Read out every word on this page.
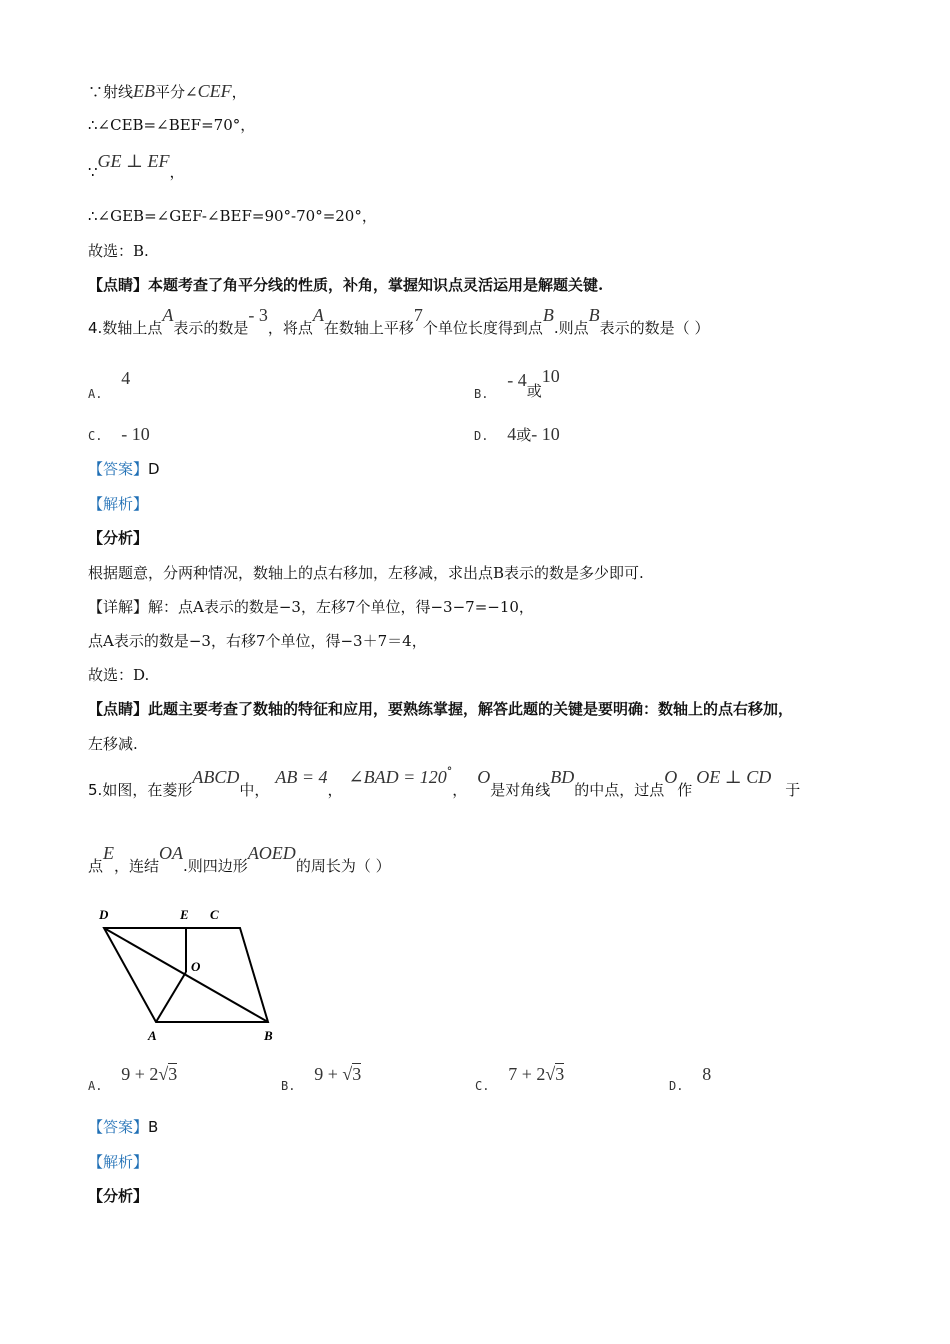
∵射线EB平分∠CEF，
∴∠CEB=∠BEF=70°，
∵GE ⊥ EF，
∴∠GEB=∠GEF-∠BEF=90°-70°=20°，
故选：B.
【点睛】本题考查了角平分线的性质，补角，掌握知识点灵活运用是解题关键.
4.数轴上点A表示的数是- 3，将点A在数轴上平移7个单位长度得到点B.则点B表示的数是（ ）
$_{A.}$ 4
$_{B.}$ - 4或10
C. - 10	D. 4或- 10
【答案】D
【解析】
【分析】
根据题意，分两种情况，数轴上的点右移加，左移减，求出点B表示的数是多少即可.
【详解】解：点A表示的数是−3，左移7个单位，得−3−7=−10，
点A表示的数是−3，右移7个单位，得−3＋7＝4，
故选：D.
【点睛】此题主要考查了数轴的特征和应用，要熟练掌握，解答此题的关键是要明确：数轴上的点右移加，
左移减.
5.如图，在菱形ABCD中，AB = 4，∠BAD = 120°，O是对角线BD的中点，过点O作OE ⊥ CD于
点E，连结OA.则四边形AOED的周长为（ ）
D	E C
O
A	B
$_{A.}$ 9 + 2√3
$_{B.}$ 9 + √3
$_{C.}$ 7 + 2√3
$_{D.}$ 8
【答案】B
【解析】
【分析】
